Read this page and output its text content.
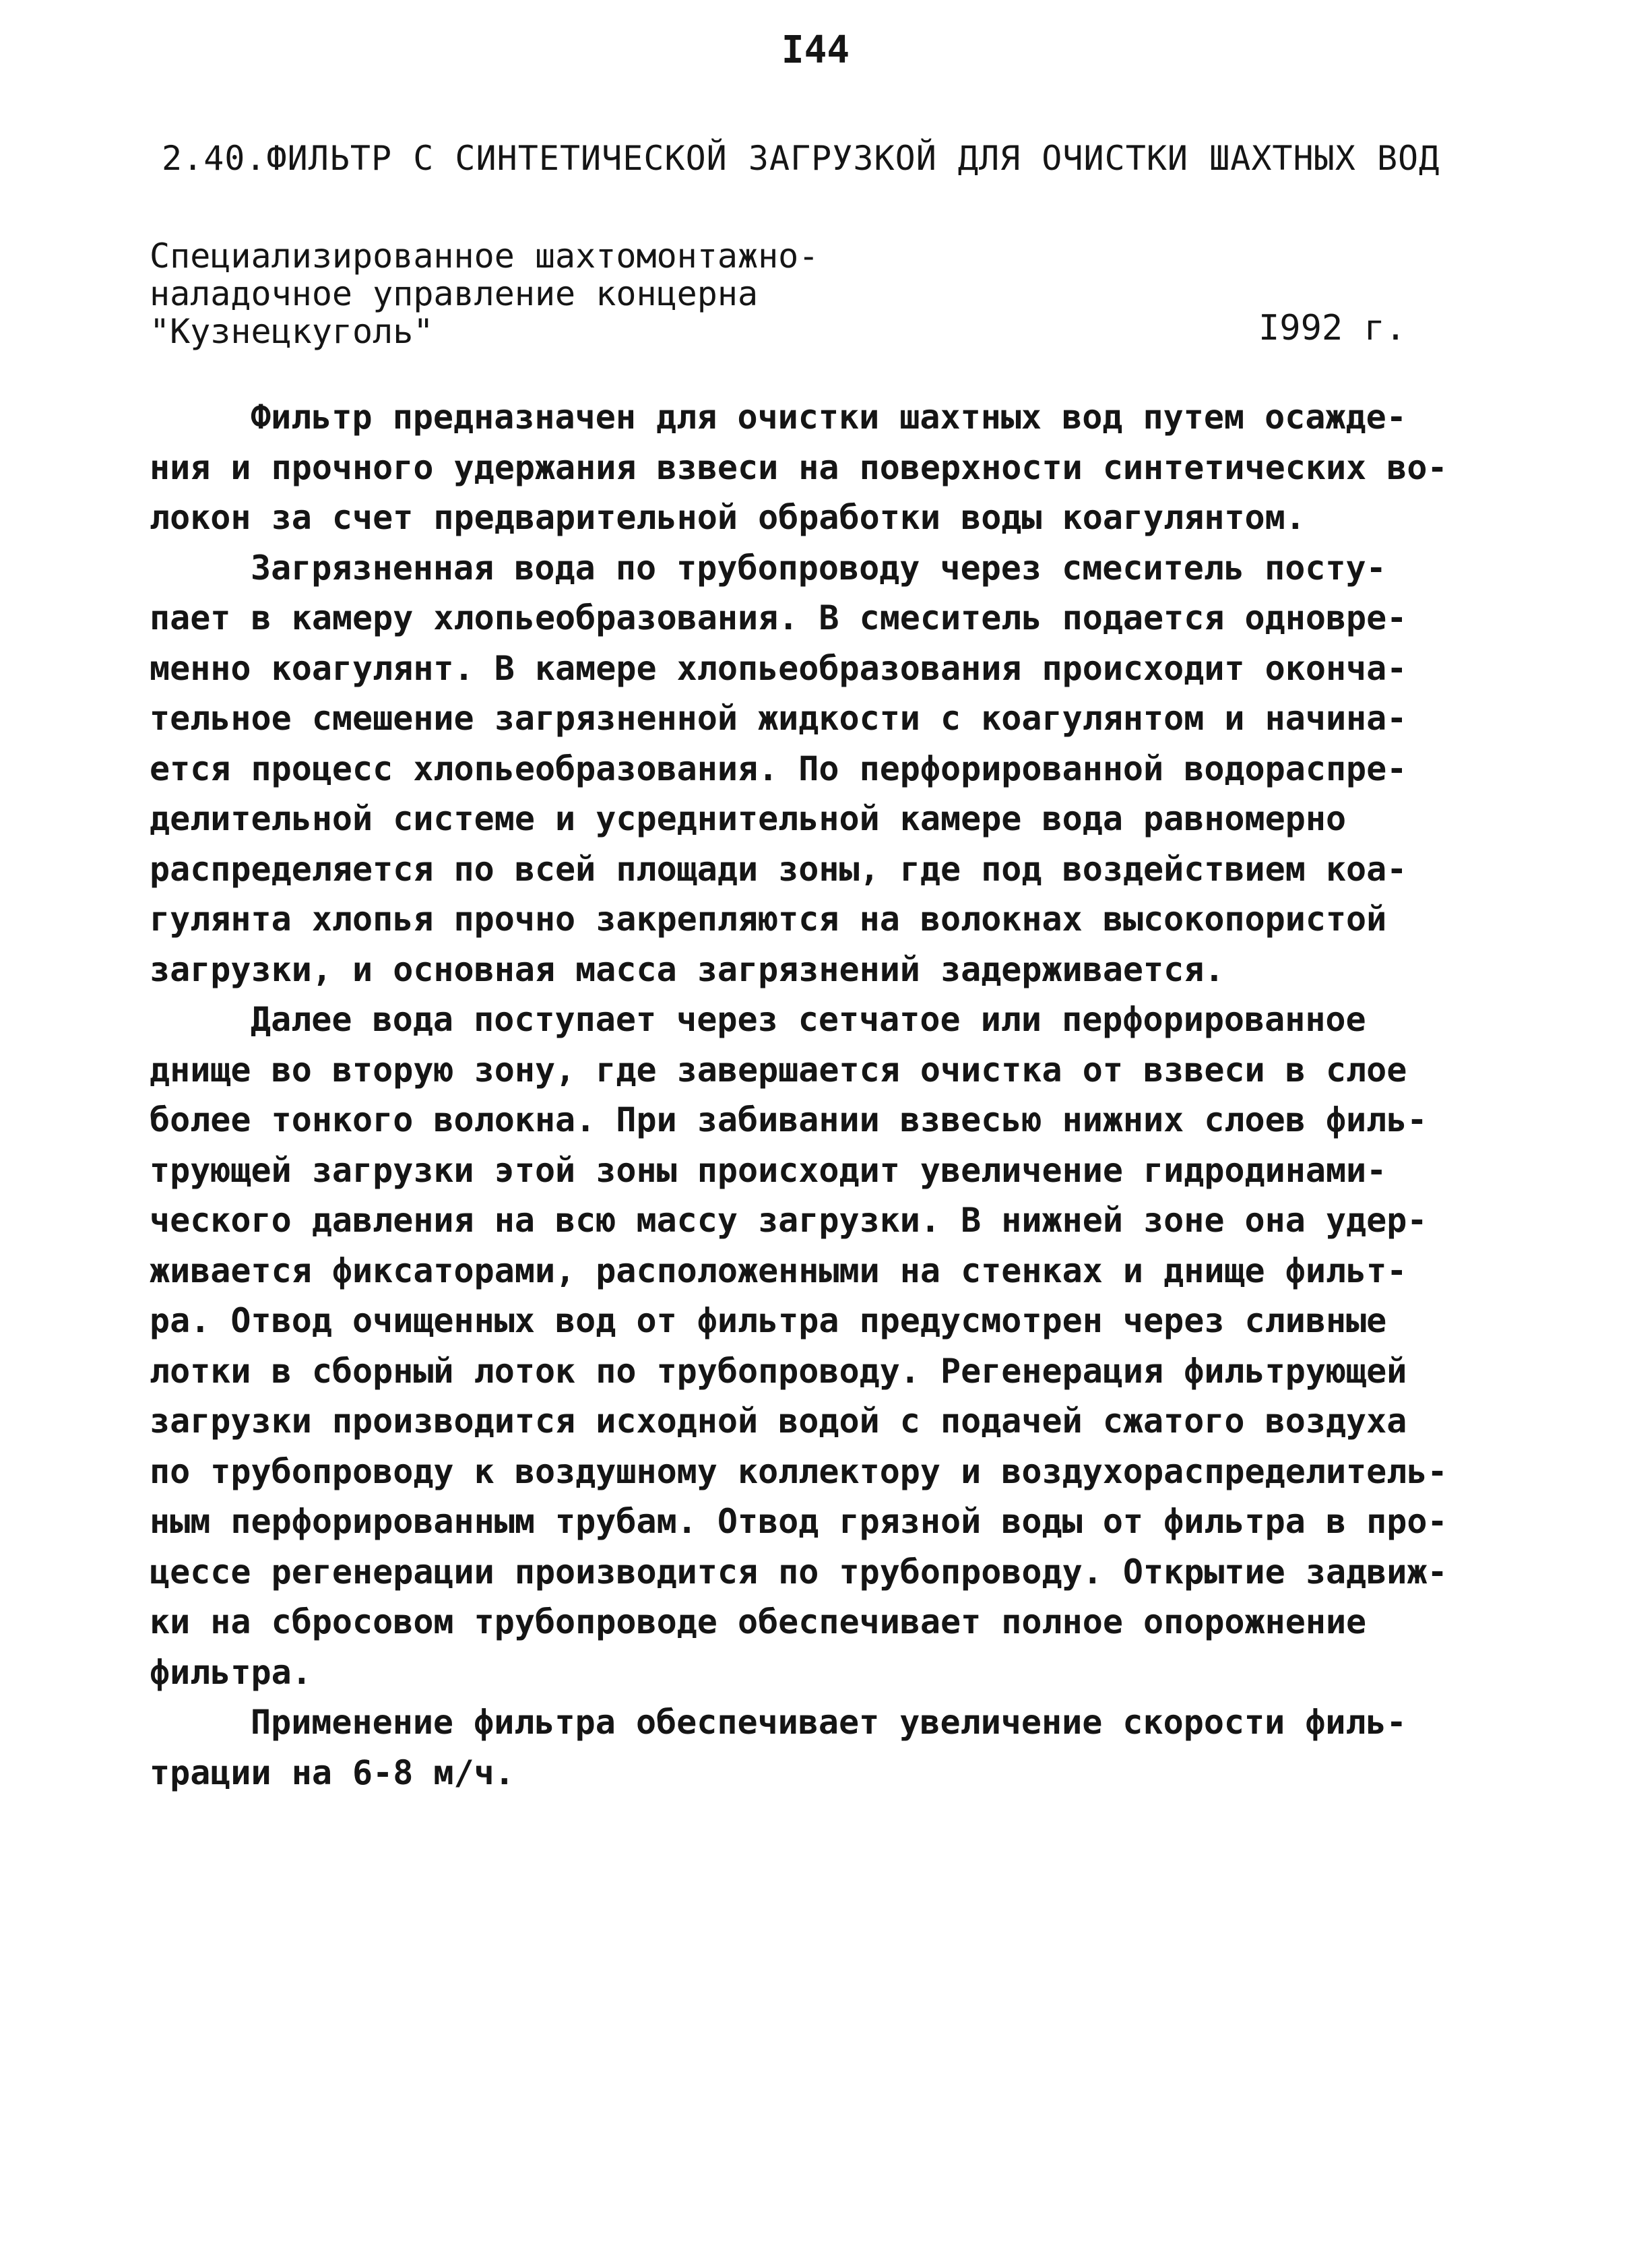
I44
2.40.ФИЛЬТР С СИНТЕТИЧЕСКОЙ ЗАГРУЗКОЙ ДЛЯ ОЧИСТКИ ШАХТНЫХ ВОД
Специализированное шахтомонтажно-
наладочное управление концерна
"Кузнецкуголь"	I992 г.
Фильтр предназначен для очистки шахтных вод путем осажде-
ния и прочного удержания взвеси на поверхности синтетических во-
локон за счет предварительной обработки воды коагулянтом.
Загрязненная вода по трубопроводу через смеситель посту-
пает в камеру хлопьеобразования. В смеситель подается одновре-
менно коагулянт. В камере хлопьеобразования происходит оконча-
тельное смешение загрязненной жидкости с коагулянтом и начина-
ется процесс хлопьеобразования. По перфорированной водораспре-
делительной системе и усреднительной камере вода равномерно
распределяется по всей площади зоны, где под воздействием коа-
гулянта хлопья прочно закрепляются на волокнах высокопористой
загрузки, и основная масса загрязнений задерживается.
Далее вода поступает через сетчатое или перфорированное
днище во вторую зону, где завершается очистка от взвеси в слое
более тонкого волокна. При забивании взвесью нижних слоев филь-
трующей загрузки этой зоны происходит увеличение гидродинами-
ческого давления на всю массу загрузки. В нижней зоне она удер-
живается фиксаторами, расположенными на стенках и днище фильт-
ра. Отвод очищенных вод от фильтра предусмотрен через сливные
лотки в сборный лоток по трубопроводу. Регенерация фильтрующей
загрузки производится исходной водой с подачей сжатого воздуха
по трубопроводу к воздушному коллектору и воздухораспределитель-
ным перфорированным трубам. Отвод грязной воды от фильтра в про-
цессе регенерации производится по трубопроводу. Открытие задвиж-
ки на сбросовом трубопроводе обеспечивает полное опорожнение
фильтра.
Применение фильтра обеспечивает увеличение скорости филь-
трации на 6-8 м/ч.
